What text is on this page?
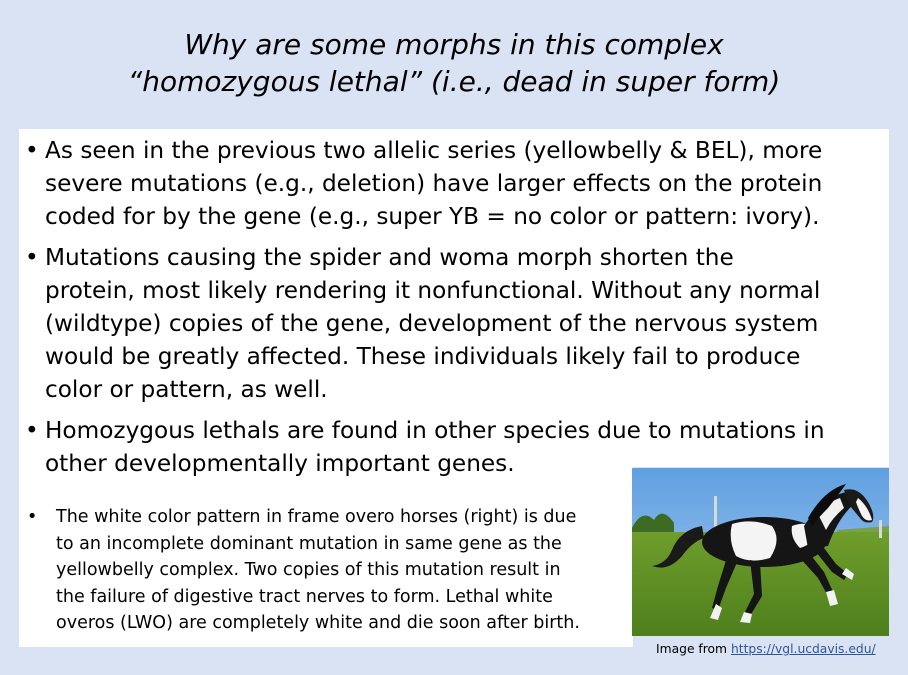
Why are some morphs in this complex
“homozygous lethal” (i.e., dead in super form)
• As seen in the previous two allelic series (yellowbelly & BEL), more
severe mutations (e.g., deletion) have larger effects on the protein
coded for by the gene (e.g., super YB = no color or pattern: ivory).
• Mutations causing the spider and woma morph shorten the
protein, most likely rendering it nonfunctional. Without any normal
(wildtype) copies of the gene, development of the nervous system
would be greatly affected. These individuals likely fail to produce
color or pattern, as well.
• Homozygous lethals are found in other species due to mutations in
other developmentally important genes.
• The white color pattern in frame overo horses (right) is due
to an incomplete dominant mutation in same gene as the
yellowbelly complex. Two copies of this mutation result in
the failure of digestive tract nerves to form. Lethal white
overos (LWO) are completely white and die soon after birth.
Image from https://vgl.ucdavis.edu/
